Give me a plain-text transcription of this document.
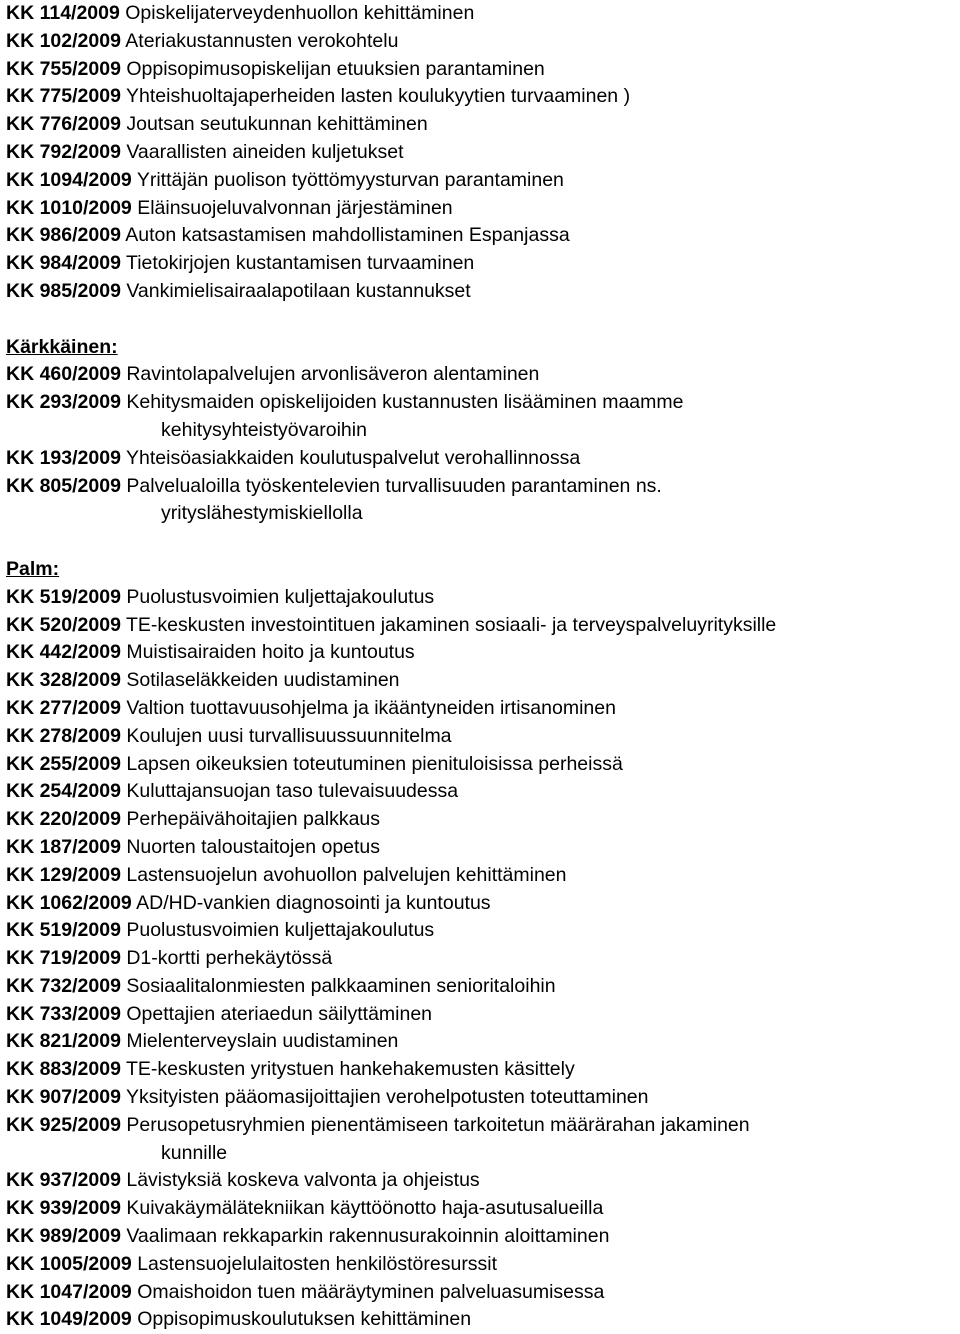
KK 114/2009 Opiskelijaterveydenhuollon kehittäminen
KK 102/2009 Ateriakustannusten verokohtelu
KK 755/2009 Oppisopimusopiskelijan etuuksien parantaminen
KK 775/2009 Yhteishuoltajaperheiden lasten koulukyytien turvaaminen )
KK 776/2009 Joutsan seutukunnan kehittäminen
KK 792/2009 Vaarallisten aineiden kuljetukset
KK 1094/2009 Yrittäjän puolison työttömyysturvan parantaminen
KK 1010/2009 Eläinsuojeluvalvonnan järjestäminen
KK 986/2009 Auton katsastamisen mahdollistaminen Espanjassa
KK 984/2009 Tietokirjojen kustantamisen turvaaminen
KK 985/2009 Vankimielisairaalapotilaan kustannukset
Kärkkäinen:
KK 460/2009 Ravintolapalvelujen arvonlisäveron alentaminen
KK 293/2009 Kehitysmaiden opiskelijoiden kustannusten lisääminen maamme
kehitysyhteistyövaroihin
KK 193/2009 Yhteisöasiakkaiden koulutuspalvelut verohallinnossa
KK 805/2009 Palvelualoilla työskentelevien turvallisuuden parantaminen ns.
yrityslähestymiskiellolla
Palm:
KK 519/2009 Puolustusvoimien kuljettajakoulutus
KK 520/2009 TE-keskusten investointituen jakaminen sosiaali- ja terveyspalveluyrityksille
KK 442/2009 Muistisairaiden hoito ja kuntoutus
KK 328/2009 Sotilaseläkkeiden uudistaminen
KK 277/2009 Valtion tuottavuusohjelma ja ikääntyneiden irtisanominen
KK 278/2009 Koulujen uusi turvallisuussuunnitelma
KK 255/2009 Lapsen oikeuksien toteutuminen pienituloisissa perheissä
KK 254/2009 Kuluttajansuojan taso tulevaisuudessa
KK 220/2009 Perhepäivähoitajien palkkaus
KK 187/2009 Nuorten taloustaitojen opetus
KK 129/2009 Lastensuojelun avohuollon palvelujen kehittäminen
KK 1062/2009 AD/HD-vankien diagnosointi ja kuntoutus
KK 519/2009 Puolustusvoimien kuljettajakoulutus
KK 719/2009 D1-kortti perhekäytössä
KK 732/2009 Sosiaalitalonmiesten palkkaaminen senioritaloihin
KK 733/2009 Opettajien ateriaedun säilyttäminen
KK 821/2009 Mielenterveyslain uudistaminen
KK 883/2009 TE-keskusten yritystuen hankehakemusten käsittely
KK 907/2009 Yksityisten pääomasijoittajien verohelpotusten toteuttaminen
KK 925/2009 Perusopetusryhmien pienentämiseen tarkoitetun määrärahan jakaminen
kunnille
KK 937/2009 Lävistyksiä koskeva valvonta ja ohjeistus
KK 939/2009 Kuivakäymälätekniikan käyttöönotto haja-asutusalueilla
KK 989/2009 Vaalimaan rekkaparkin rakennusurakoinnin aloittaminen
KK 1005/2009 Lastensuojelulaitosten henkilöstöresurssit
KK 1047/2009 Omaishoidon tuen määräytyminen palveluasumisessa
KK 1049/2009 Oppisopimuskoulutuksen kehittäminen
